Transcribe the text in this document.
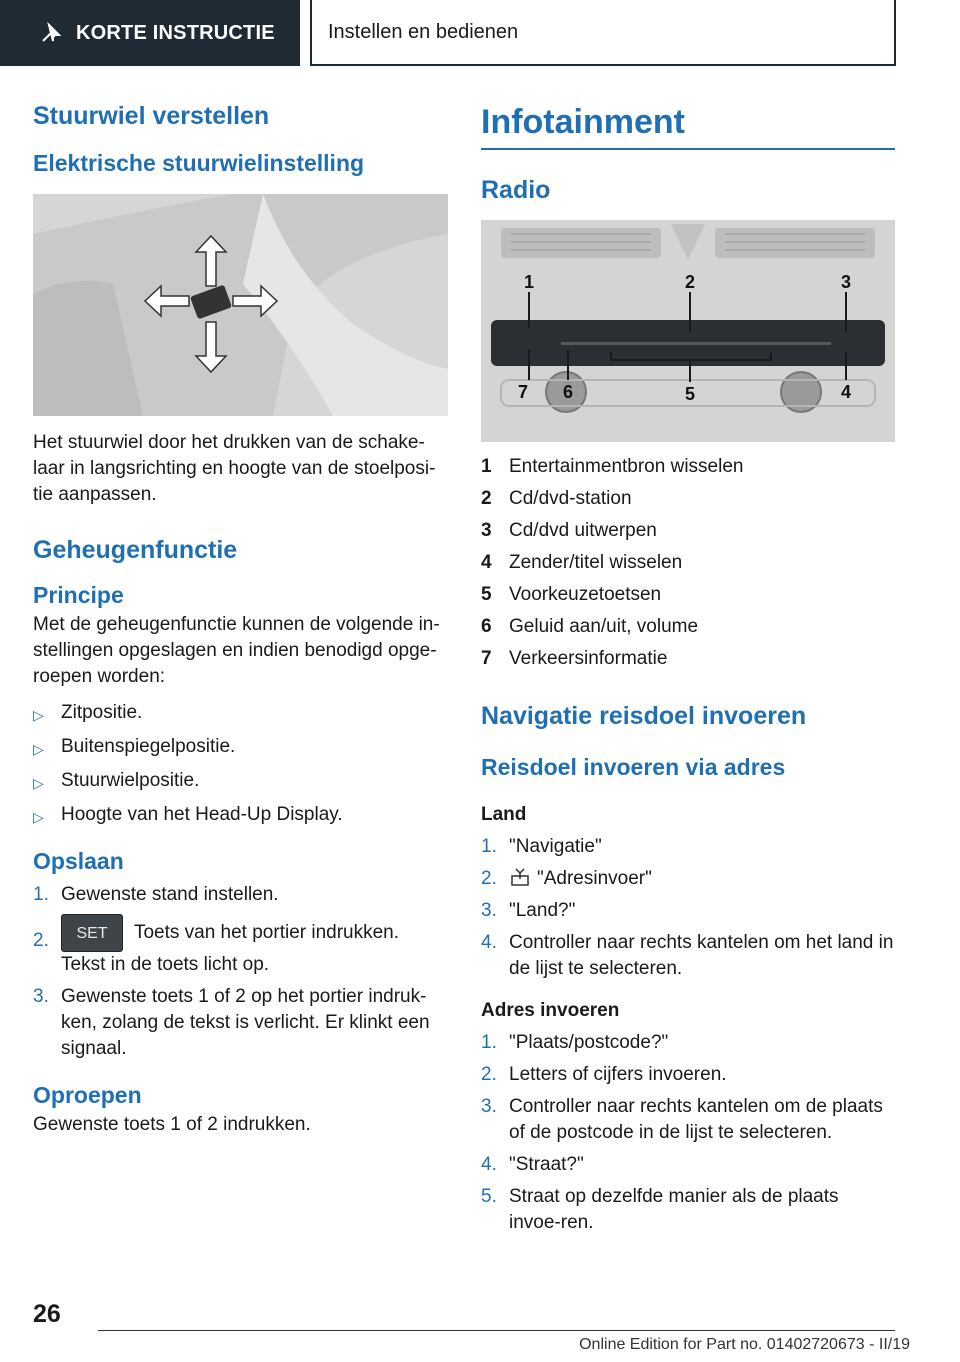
KORTE INSTRUCTIE	Instellen en bedienen
Stuurwiel verstellen
Elektrische stuurwielinstelling

Het stuurwiel door het drukken van de schake-laar in langsrichting en hoogte van de stoelposi-tie aanpassen.

Geheugenfunctie
Principe

Met de geheugenfunctie kunnen de volgende in-stellingen opgeslagen en indien benodigd opge-roepen worden:

▷ Zitpositie.
▷ Buitenspiegelpositie.
▷ Stuurwielpositie.
▷ Hoogte van het Head-Up Display.
Opslaan
1. Gewenste stand instellen.
2.	SET Toets van het portier indrukken. Tekst in de toets licht op.
3. Gewenste toets 1 of 2 op het portier indruk-ken, zolang de tekst is verlicht. Er klinkt een signaal.
Oproepen

Gewenste toets 1 of 2 indrukken.

Infotainment
Radio
1	2	3
4
5
6
7
1 Entertainmentbron wisselen
2 Cd/dvd-station
3 Cd/dvd uitwerpen
4 Zender/titel wisselen
5 Voorkeuzetoetsen
6 Geluid aan/uit, volume
7 Verkeersinformatie
Navigatie reisdoel invoeren
Reisdoel invoeren via adres
Land
1. "Navigatie"
2.	"Adresinvoer"
3. "Land?"
4. Controller naar rechts kantelen om het land in de lijst te selecteren.
Adres invoeren
1. "Plaats/postcode?"
2. Letters of cijfers invoeren.
3. Controller naar rechts kantelen om de plaats of de postcode in de lijst te selecteren.
4. "Straat?"
5. Straat op dezelfde manier als de plaats invoe-ren.
26
Online Edition for Part no. 01402720673 - II/19
